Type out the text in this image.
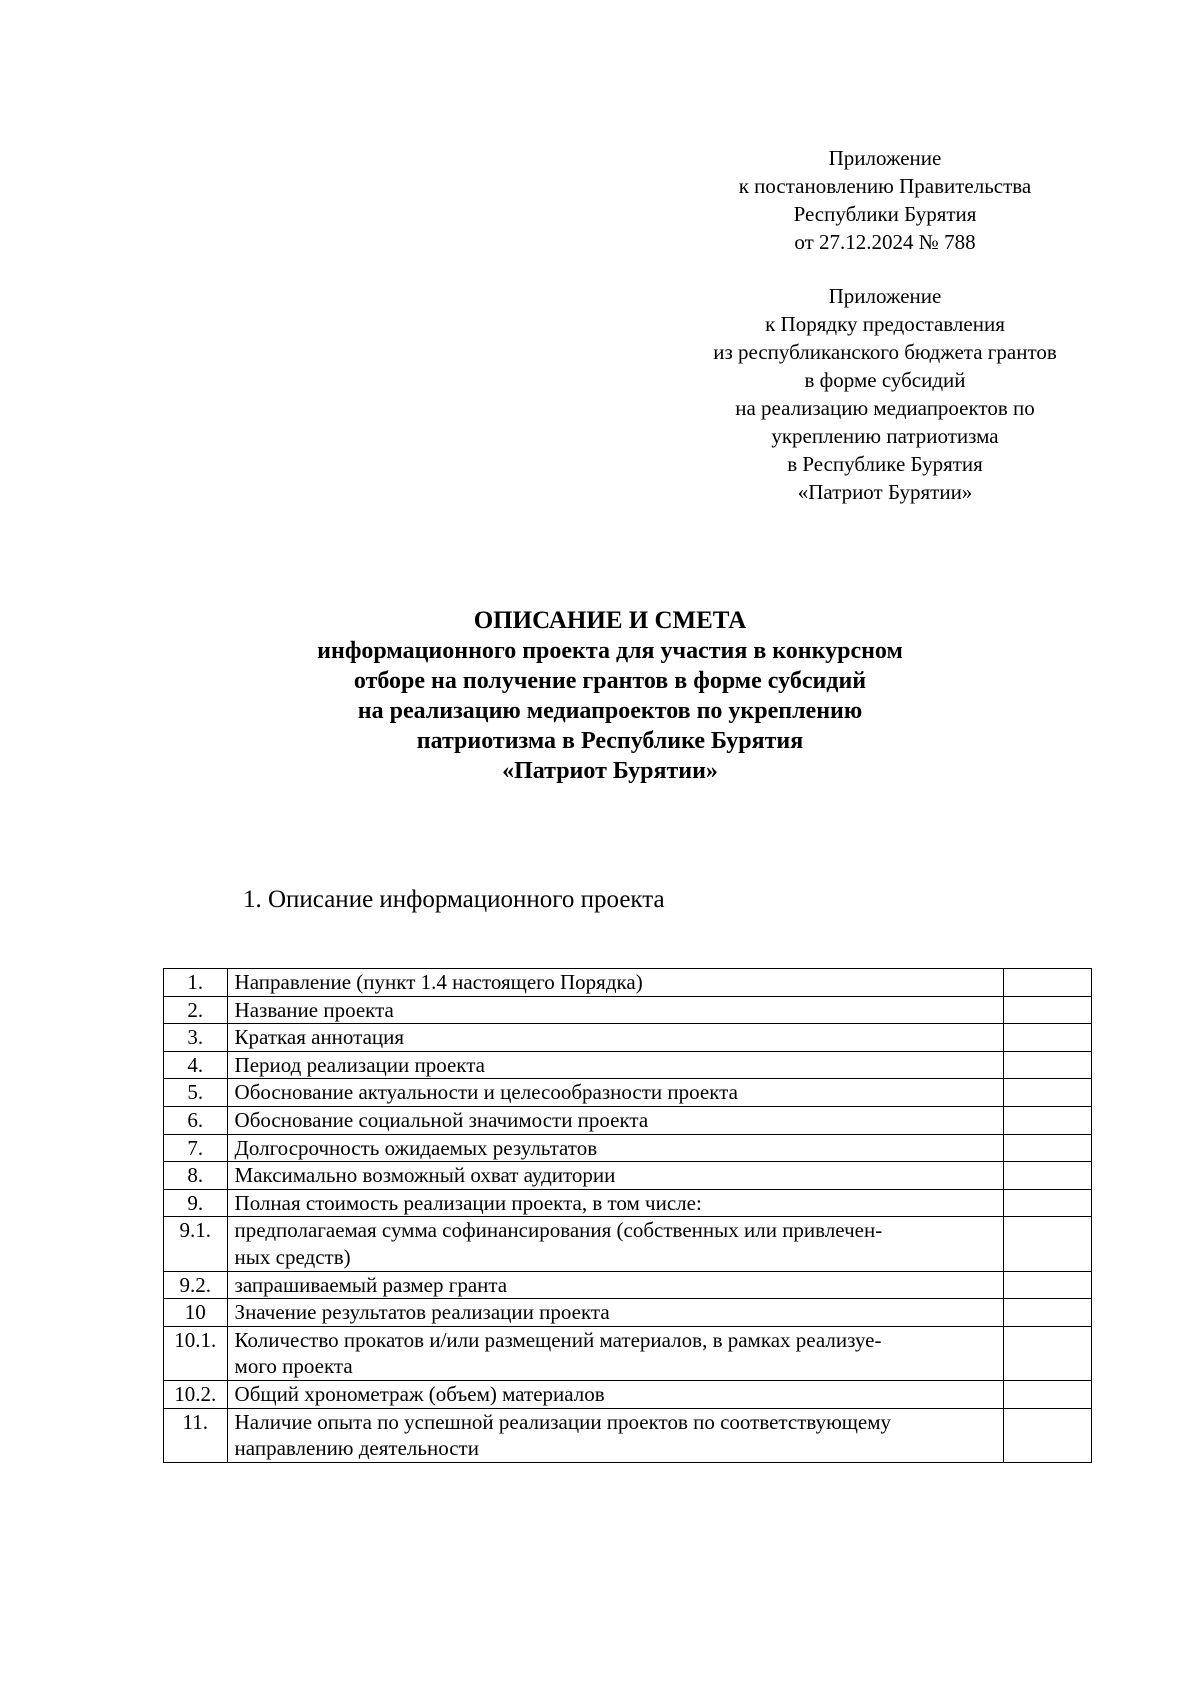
Приложение
к постановлению Правительства
Республики Бурятия
от 27.12.2024 № 788
Приложение
к Порядку предоставления
из республиканского бюджета грантов
в форме субсидий
на реализацию медиапроектов по
укреплению патриотизма
в Республике Бурятия
«Патриот Бурятии»
ОПИСАНИЕ И СМЕТА
информационного проекта для участия в конкурсном
отборе на получение грантов в форме субсидий
на реализацию медиапроектов по укреплению
патриотизма в Республике Бурятия
«Патриот Бурятии»
1. Описание информационного проекта
1.	Направление (пункт 1.4 настоящего Порядка)	
2.	Название проекта	
3.	Краткая аннотация	
4.	Период реализации проекта	
5.	Обоснование актуальности и целесообразности проекта	
6.	Обоснование социальной значимости проекта	
7.	Долгосрочность ожидаемых результатов	
8.	Максимально возможный охват аудитории	
9.	Полная стоимость реализации проекта, в том числе:	
9.1.	предполагаемая сумма софинансирования (собственных или привлечен-
ных средств)	
9.2.	запрашиваемый размер гранта	
10	Значение результатов реализации проекта	
10.1.	Количество прокатов и/или размещений материалов, в рамках реализуе-
мого проекта	
10.2.	Общий хронометраж (объем) материалов	
11.	Наличие опыта по успешной реализации проектов по соответствующему
направлению деятельности	
